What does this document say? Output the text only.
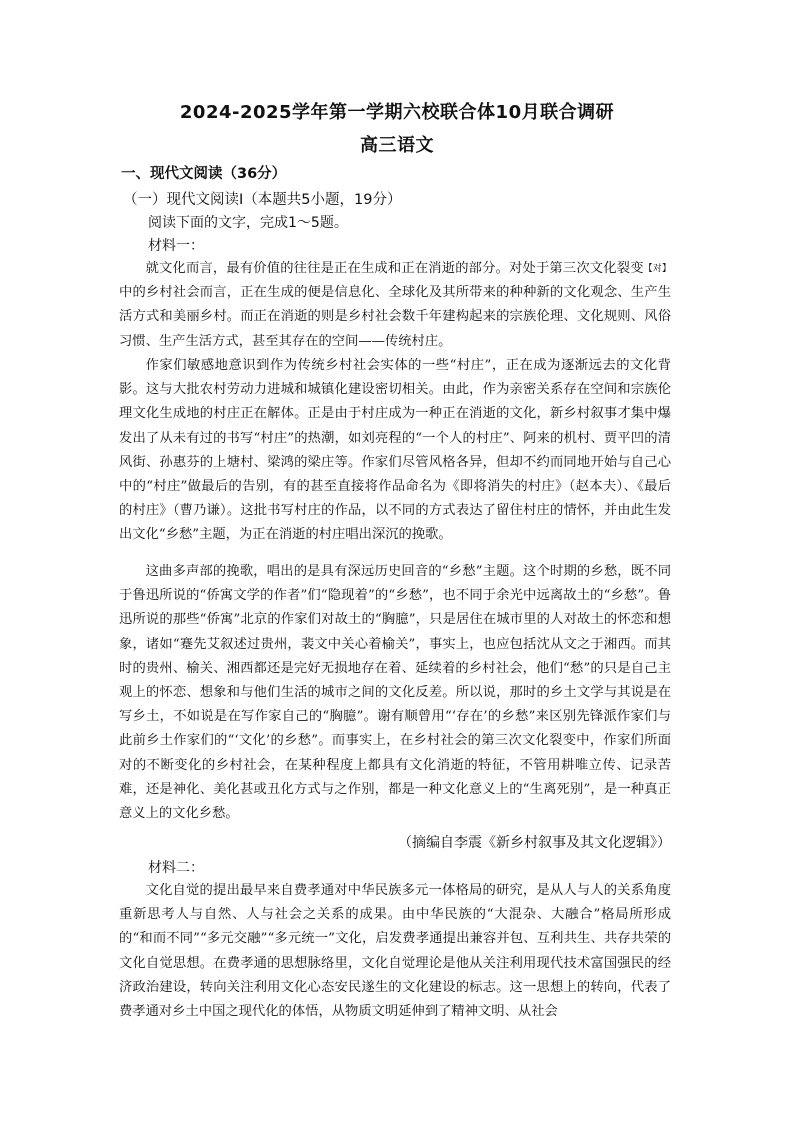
2024-2025学年第一学期六校联合体10月联合调研
高三语文
一、现代文阅读（36分）
（一）现代文阅读Ⅰ（本题共5小题，19分）
阅读下面的文字，完成1～5题。
材料一：

就文化而言，最有价值的往往是正在生成和正在消逝的部分。对处于第三次文化裂变【对】中的乡村社会而言，正在生成的便是信息化、全球化及其所带来的种种新的文化观念、生产生活方式和美丽乡村。而正在消逝的则是乡村社会数千年建构起来的宗族伦理、文化规则、风俗习惯、生产生活方式，甚至其存在的空间——传统村庄。

作家们敏感地意识到作为传统乡村社会实体的一些“村庄”，正在成为逐渐远去的文化背影。这与大批农村劳动力进城和城镇化建设密切相关。由此，作为亲密关系存在空间和宗族伦理文化生成地的村庄正在解体。正是由于村庄成为一种正在消逝的文化，新乡村叙事才集中爆发出了从未有过的书写“村庄”的热潮，如刘亮程的“一个人的村庄”、阿来的机村、贾平凹的清风街、孙惠芬的上塘村、梁鸿的梁庄等。作家们尽管风格各异，但却不约而同地开始与自己心中的“村庄”做最后的告别，有的甚至直接将作品命名为《即将消失的村庄》（赵本夫）、《最后的村庄》（曹乃谦）。这批书写村庄的作品，以不同的方式表达了留住村庄的情怀，并由此生发出文化“乡愁”主题，为正在消逝的村庄唱出深沉的挽歌。

这曲多声部的挽歌，唱出的是具有深远历史回音的“乡愁”主题。这个时期的乡愁，既不同于鲁迅所说的“侨寓文学的作者”们“隐现着”的“乡愁”，也不同于余光中远离故土的“乡愁”。鲁迅所说的那些“侨寓”北京的作家们对故土的“胸臆”，只是居住在城市里的人对故土的怀恋和想象，诸如“蹇先艾叙述过贵州，裴文中关心着榆关”，事实上，也应包括沈从文之于湘西。而其时的贵州、榆关、湘西都还是完好无损地存在着、延续着的乡村社会，他们“愁”的只是自己主观上的怀恋、想象和与他们生活的城市之间的文化反差。所以说，那时的乡土文学与其说是在写乡土，不如说是在写作家自己的“胸臆”。谢有顺曾用“‘存在’的乡愁”来区别先锋派作家们与此前乡土作家们的“‘文化’的乡愁”。而事实上，在乡村社会的第三次文化裂变中，作家们所面对的不断变化的乡村社会，在某种程度上都具有文化消逝的特征，不管用耕唯立传、记录苦难，还是神化、美化甚或丑化方式与之作别，都是一种文化意义上的“生离死别”，是一种真正意义上的文化乡愁。

（摘编自李震《新乡村叙事及其文化逻辑》）
材料二：

文化自觉的提出最早来自费孝通对中华民族多元一体格局的研究，是从人与人的关系角度重新思考人与自然、人与社会之关系的成果。由中华民族的“大混杂、大融合”格局所形成的“和而不同”“多元交融”“多元统一”文化，启发费孝通提出兼容并包、互利共生、共存共荣的文化自觉思想。在费孝通的思想脉络里，文化自觉理论是他从关注利用现代技术富国强民的经济政治建设，转向关注利用文化心态安民遂生的文化建设的标志。这一思想上的转向，代表了费孝通对乡土中国之现代化的体悟，从物质文明延伸到了精神文明、从社会
